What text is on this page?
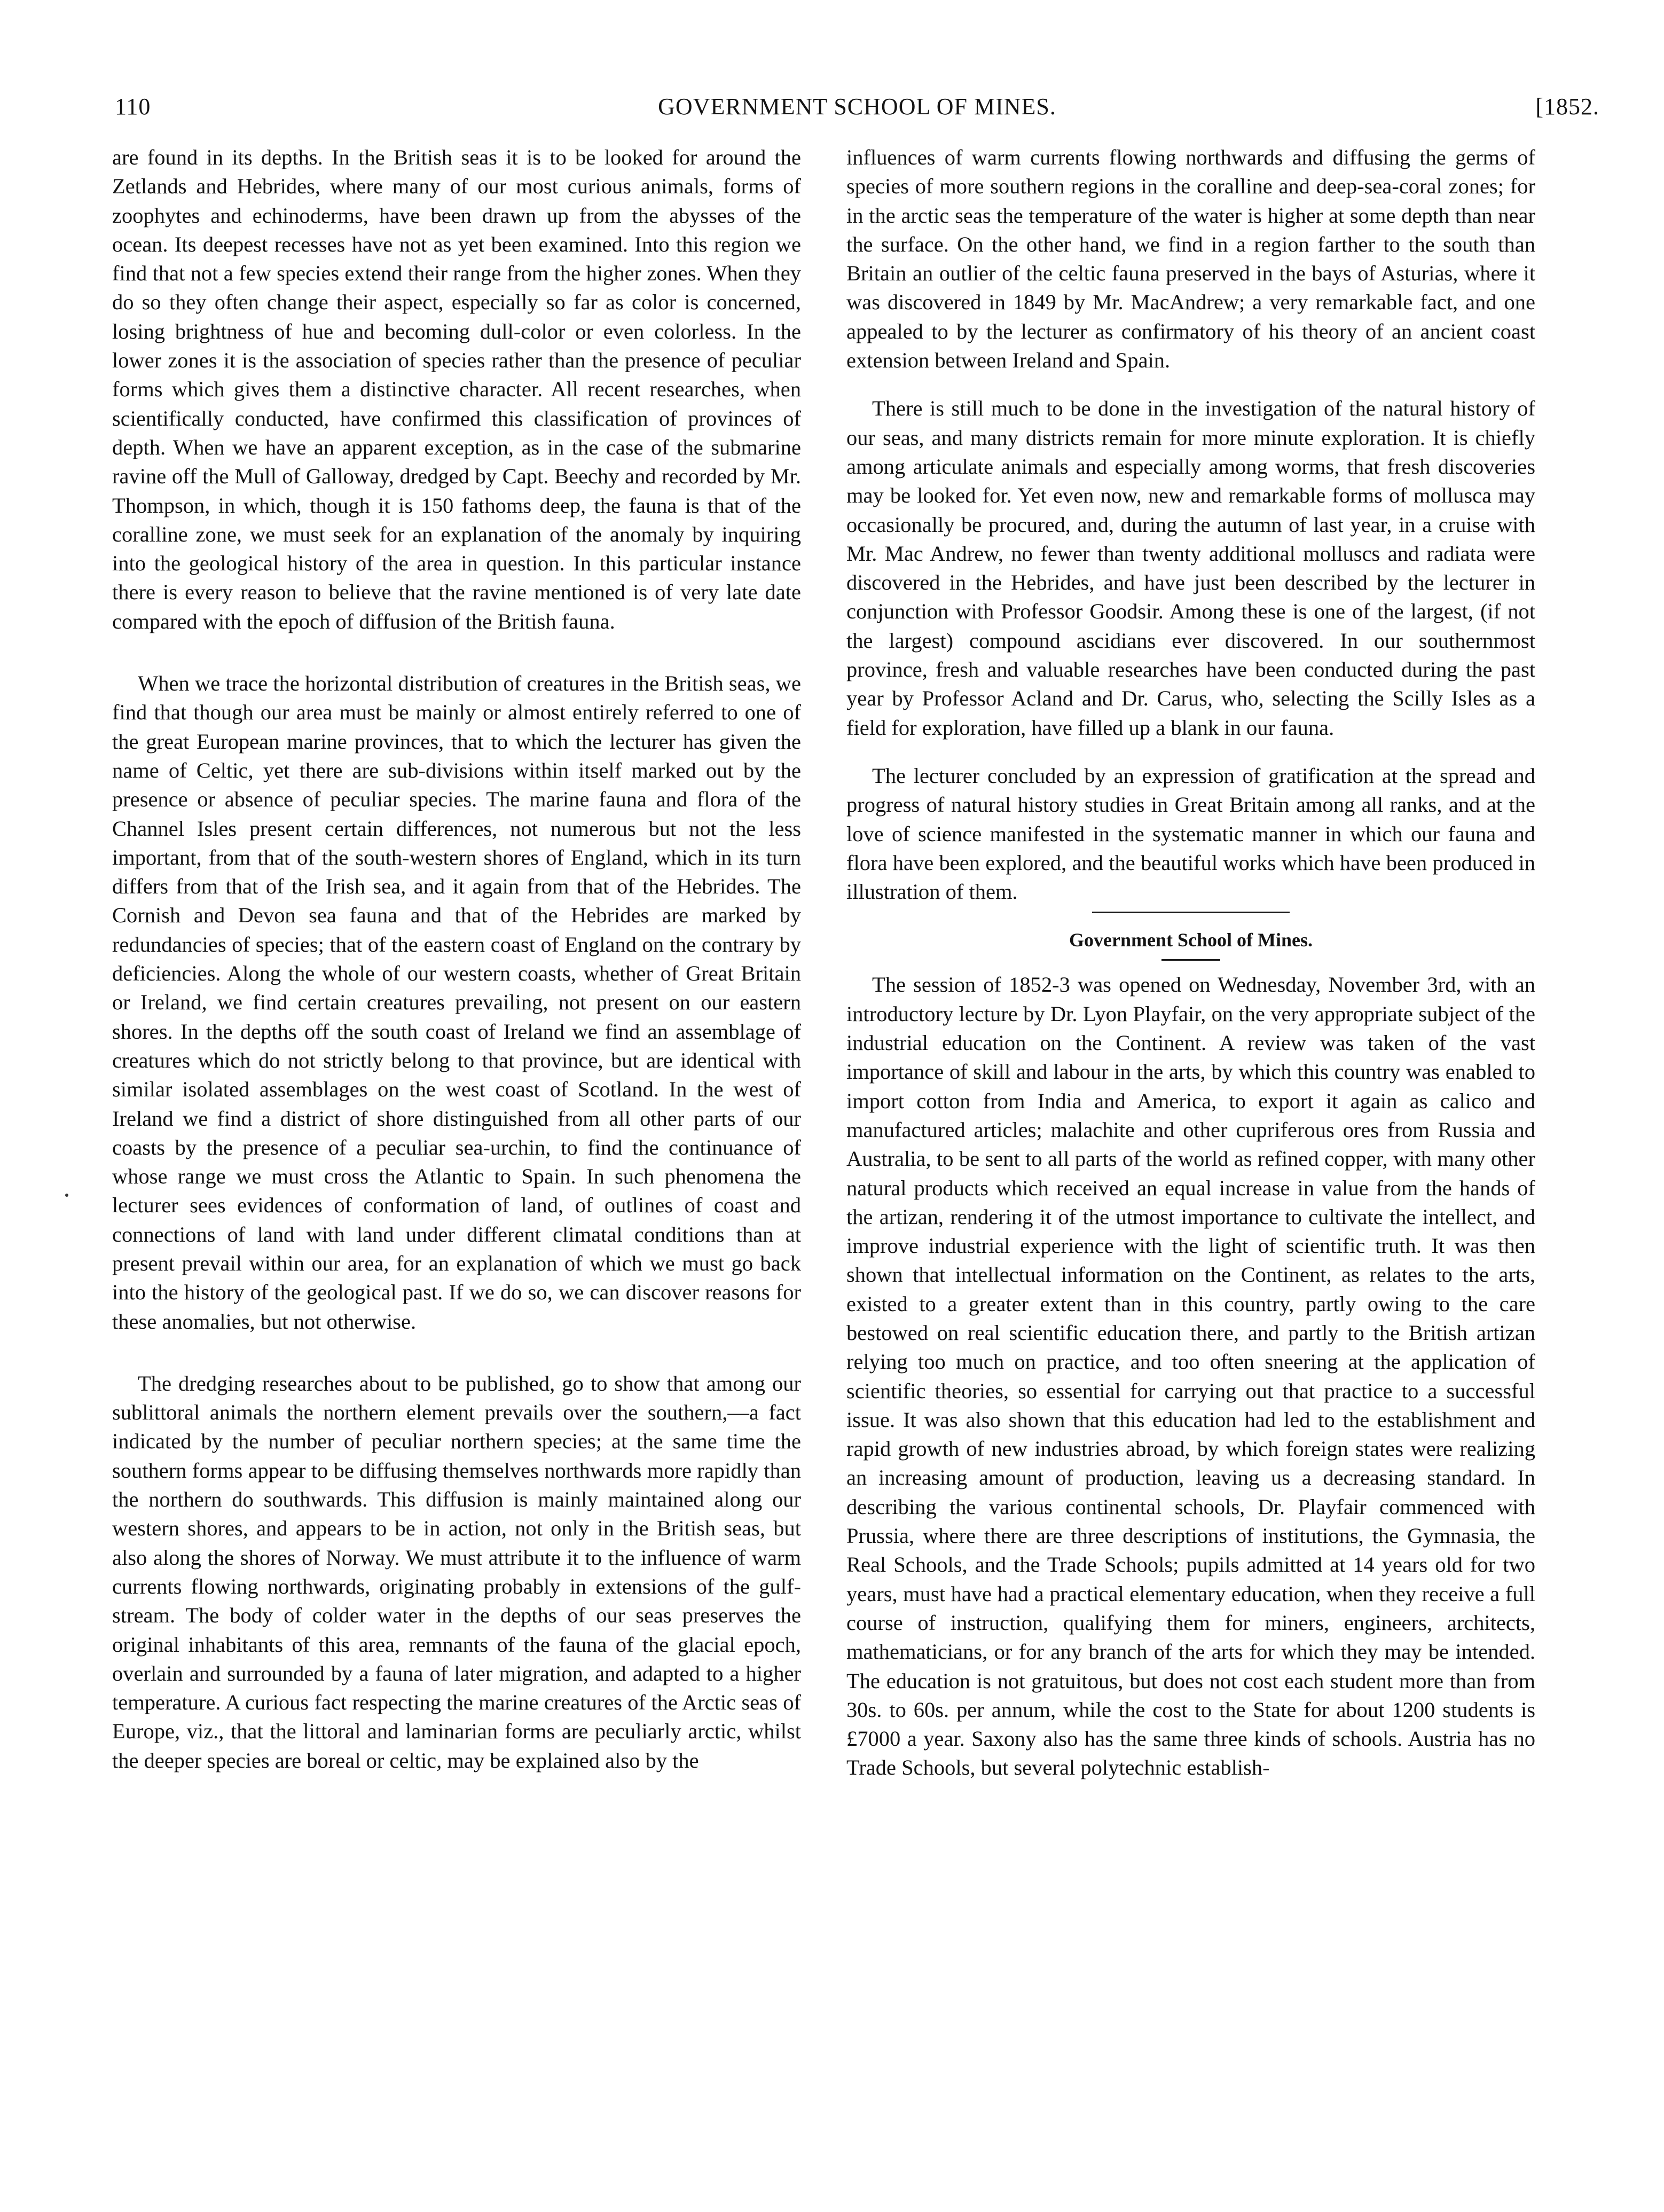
110	GOVERNMENT SCHOOL OF MINES.	[1852.

are found in its depths. In the British seas it is to be looked for around the Zetlands and Hebrides, where many of our most curious animals, forms of zoophytes and echinoderms, have been drawn up from the abysses of the ocean. Its deepest recesses have not as yet been examined. Into this region we find that not a few species extend their range from the higher zones. When they do so they often change their aspect, especially so far as color is concerned, losing brightness of hue and becoming dull-color or even colorless. In the lower zones it is the association of species rather than the presence of peculiar forms which gives them a distinctive character. All recent researches, when scientifically conducted, have confirmed this classification of provinces of depth. When we have an apparent exception, as in the case of the submarine ravine off the Mull of Galloway, dredged by Capt. Beechy and recorded by Mr. Thompson, in which, though it is 150 fathoms deep, the fauna is that of the coralline zone, we must seek for an explanation of the anomaly by inquiring into the geological history of the area in question. In this particular instance there is every reason to believe that the ravine mentioned is of very late date compared with the epoch of diffusion of the British fauna.

When we trace the horizontal distribution of creatures in the British seas, we find that though our area must be mainly or almost entirely referred to one of the great European marine provinces, that to which the lecturer has given the name of Celtic, yet there are sub-divisions within itself marked out by the presence or absence of peculiar species. The marine fauna and flora of the Channel Isles present certain differences, not numerous but not the less important, from that of the south-western shores of England, which in its turn differs from that of the Irish sea, and it again from that of the Hebrides. The Cornish and Devon sea fauna and that of the Hebrides are marked by redundancies of species; that of the eastern coast of England on the contrary by deficiencies. Along the whole of our western coasts, whether of Great Britain or Ireland, we find certain creatures prevailing, not present on our eastern shores. In the depths off the south coast of Ireland we find an assemblage of creatures which do not strictly belong to that province, but are identical with similar isolated assemblages on the west coast of Scotland. In the west of Ireland we find a district of shore distinguished from all other parts of our coasts by the presence of a peculiar sea-urchin, to find the continuance of whose range we must cross the Atlantic to Spain. In such phenomena the lecturer sees evidences of conformation of land, of outlines of coast and connections of land with land under different climatal conditions than at present prevail within our area, for an explanation of which we must go back into the history of the geological past. If we do so, we can discover reasons for these anomalies, but not otherwise.

The dredging researches about to be published, go to show that among our sublittoral animals the northern element prevails over the southern,—a fact indicated by the number of peculiar northern species; at the same time the southern forms appear to be diffusing themselves northwards more rapidly than the northern do southwards. This diffusion is mainly maintained along our western shores, and appears to be in action, not only in the British seas, but also along the shores of Norway. We must attribute it to the influence of warm currents flowing northwards, originating probably in extensions of the gulf-stream. The body of colder water in the depths of our seas preserves the original inhabitants of this area, remnants of the fauna of the glacial epoch, overlain and surrounded by a fauna of later migration, and adapted to a higher temperature. A curious fact respecting the marine creatures of the Arctic seas of Europe, viz., that the littoral and laminarian forms are peculiarly arctic, whilst the deeper species are boreal or celtic, may be explained also by the

influences of warm currents flowing northwards and diffusing the germs of species of more southern regions in the coralline and deep-sea-coral zones; for in the arctic seas the temperature of the water is higher at some depth than near the surface. On the other hand, we find in a region farther to the south than Britain an outlier of the celtic fauna preserved in the bays of Asturias, where it was discovered in 1849 by Mr. MacAndrew; a very remarkable fact, and one appealed to by the lecturer as confirmatory of his theory of an ancient coast extension between Ireland and Spain.

There is still much to be done in the investigation of the natural history of our seas, and many districts remain for more minute exploration. It is chiefly among articulate animals and especially among worms, that fresh discoveries may be looked for. Yet even now, new and remarkable forms of mollusca may occasionally be procured, and, during the autumn of last year, in a cruise with Mr. Mac Andrew, no fewer than twenty additional molluscs and radiata were discovered in the Hebrides, and have just been described by the lecturer in conjunction with Professor Goodsir. Among these is one of the largest, (if not the largest) compound ascidians ever discovered. In our southernmost province, fresh and valuable researches have been conducted during the past year by Professor Acland and Dr. Carus, who, selecting the Scilly Isles as a field for exploration, have filled up a blank in our fauna.

The lecturer concluded by an expression of gratification at the spread and progress of natural history studies in Great Britain among all ranks, and at the love of science manifested in the systematic manner in which our fauna and flora have been explored, and the beautiful works which have been produced in illustration of them.

Government School of Mines.

The session of 1852-3 was opened on Wednesday, November 3rd, with an introductory lecture by Dr. Lyon Playfair, on the very appropriate subject of the industrial education on the Continent. A review was taken of the vast importance of skill and labour in the arts, by which this country was enabled to import cotton from India and America, to export it again as calico and manufactured articles; malachite and other cupriferous ores from Russia and Australia, to be sent to all parts of the world as refined copper, with many other natural products which received an equal increase in value from the hands of the artizan, rendering it of the utmost importance to cultivate the intellect, and improve industrial experience with the light of scientific truth. It was then shown that intellectual information on the Continent, as relates to the arts, existed to a greater extent than in this country, partly owing to the care bestowed on real scientific education there, and partly to the British artizan relying too much on practice, and too often sneering at the application of scientific theories, so essential for carrying out that practice to a successful issue. It was also shown that this education had led to the establishment and rapid growth of new industries abroad, by which foreign states were realizing an increasing amount of production, leaving us a decreasing standard. In describing the various continental schools, Dr. Playfair commenced with Prussia, where there are three descriptions of institutions, the Gymnasia, the Real Schools, and the Trade Schools; pupils admitted at 14 years old for two years, must have had a practical elementary education, when they receive a full course of instruction, qualifying them for miners, engineers, architects, mathematicians, or for any branch of the arts for which they may be intended. The education is not gratuitous, but does not cost each student more than from 30s. to 60s. per annum, while the cost to the State for about 1200 students is £7000 a year. Saxony also has the same three kinds of schools. Austria has no Trade Schools, but several polytechnic establish-
